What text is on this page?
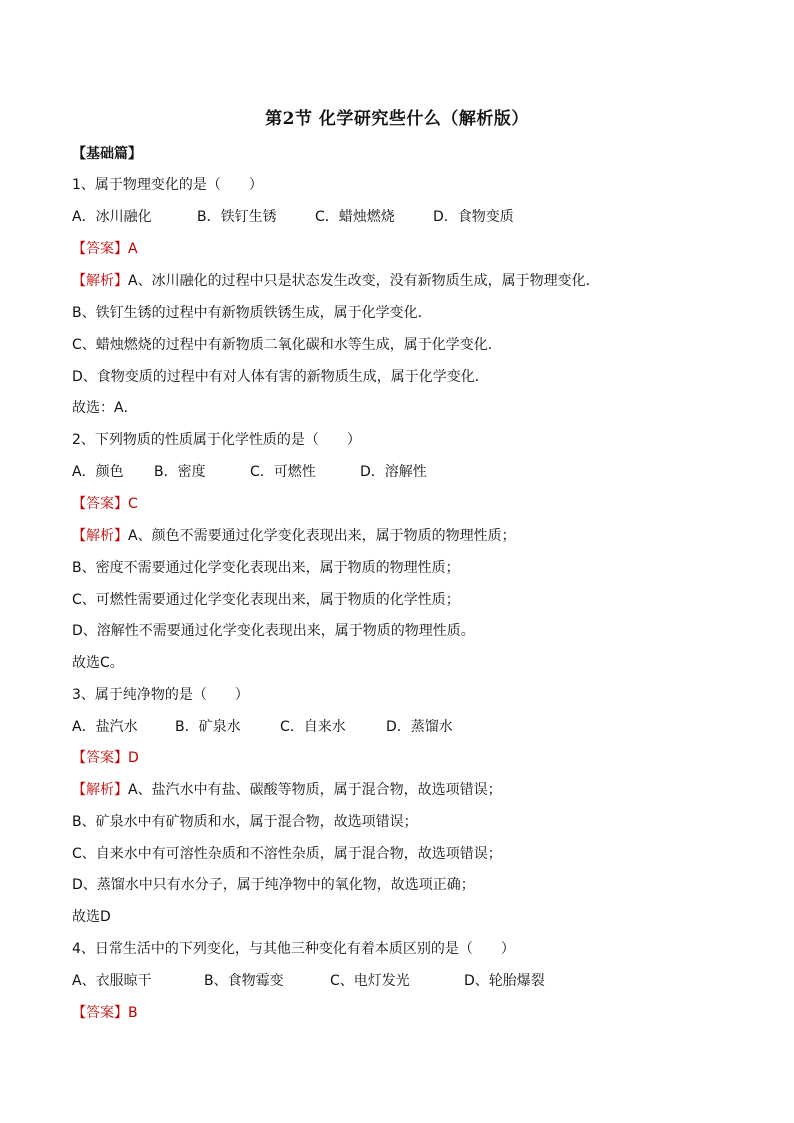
第2节 化学研究些什么（解析版）
【基础篇】
1、属于物理变化的是（　　）
A．冰川融化	B．铁钉生锈	C．蜡烛燃烧	D．食物变质
【答案】A
【解析】A、冰川融化的过程中只是状态发生改变，没有新物质生成，属于物理变化．
B、铁钉生锈的过程中有新物质铁锈生成，属于化学变化．
C、蜡烛燃烧的过程中有新物质二氧化碳和水等生成，属于化学变化．
D、食物变质的过程中有对人体有害的新物质生成，属于化学变化．
故选：A．
2、下列物质的性质属于化学性质的是（　　）
A．颜色 B．密度	C．可燃性	D．溶解性
【答案】C
【解析】A、颜色不需要通过化学变化表现出来，属于物质的物理性质；
B、密度不需要通过化学变化表现出来，属于物质的物理性质；
C、可燃性需要通过化学变化表现出来，属于物质的化学性质；
D、溶解性不需要通过化学变化表现出来，属于物质的物理性质。
故选C。
3、属于纯净物的是（　　）
A．盐汽水	B．矿泉水	C．自来水	D．蒸馏水
【答案】D
【解析】A、盐汽水中有盐、碳酸等物质，属于混合物，故选项错误；
B、矿泉水中有矿物质和水，属于混合物，故选项错误；
C、自来水中有可溶性杂质和不溶性杂质，属于混合物，故选项错误；
D、蒸馏水中只有水分子，属于纯净物中的氧化物，故选项正确；
故选D
4、日常生活中的下列变化，与其他三种变化有着本质区别的是（　　）
A、衣服晾干	B、食物霉变	C、电灯发光	D、轮胎爆裂
【答案】B
